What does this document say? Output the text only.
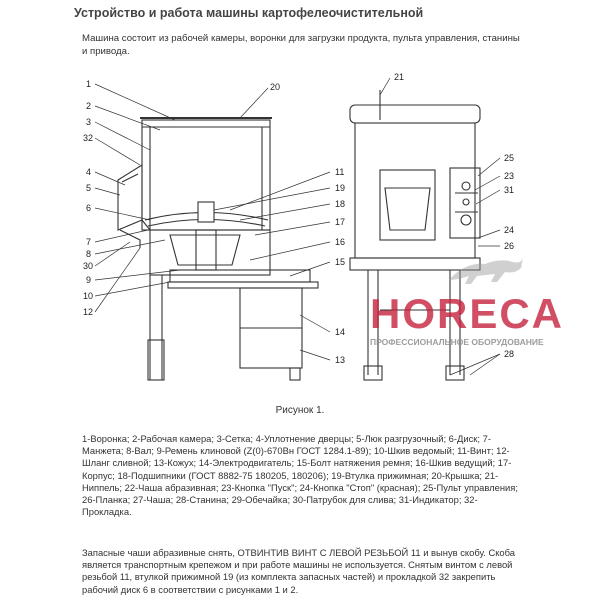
Устройство и работа машины картофелеочистительной
Машина состоит из рабочей камеры, воронки для загрузки продукта, пульта управления, станины и привода.
1
2
3
32
4
5
6
7
8
30
9
10
12
20
11
19
18
17
16
15
14
13
21
25
23
31
24
26
28
HORECA
ПРОФЕССИОНАЛЬНОЕ ОБОРУДОВАНИЕ
Рисунок 1.
1-Воронка; 2-Рабочая камера; 3-Сетка; 4-Уплотнение дверцы; 5-Люк разгрузочный; 6-Диск; 7-Манжета; 8-Вал; 9-Ремень клиновой (Z(0)-670Вн ГОСТ 1284.1-89); 10-Шкив ведомый; 11-Винт; 12-Шланг сливной; 13-Кожух; 14-Электродвигатель; 15-Болт натяжения ремня; 16-Шкив ведущий; 17-Корпус; 18-Подшипники (ГОСТ 8882-75 180205, 180206); 19-Втулка прижимная; 20-Крышка; 21-Ниппель; 22-Чаша абразивная; 23-Кнопка "Пуск"; 24-Кнопка "Стоп" (красная); 25-Пульт управления; 26-Планка; 27-Чаша; 28-Станина; 29-Обечайка; 30-Патрубок для слива; 31-Индикатор; 32-Прокладка.
Запасные чаши абразивные снять, ОТВИНТИВ ВИНТ С ЛЕВОЙ РЕЗЬБОЙ 11 и вынув скобу. Скоба является транспортным крепежом и при работе машины не используется. Снятым винтом с левой резьбой 11, втулкой прижимной 19 (из комплекта запасных частей) и прокладкой 32 закрепить рабочий диск 6 в соответствии с рисунками 1 и 2.
